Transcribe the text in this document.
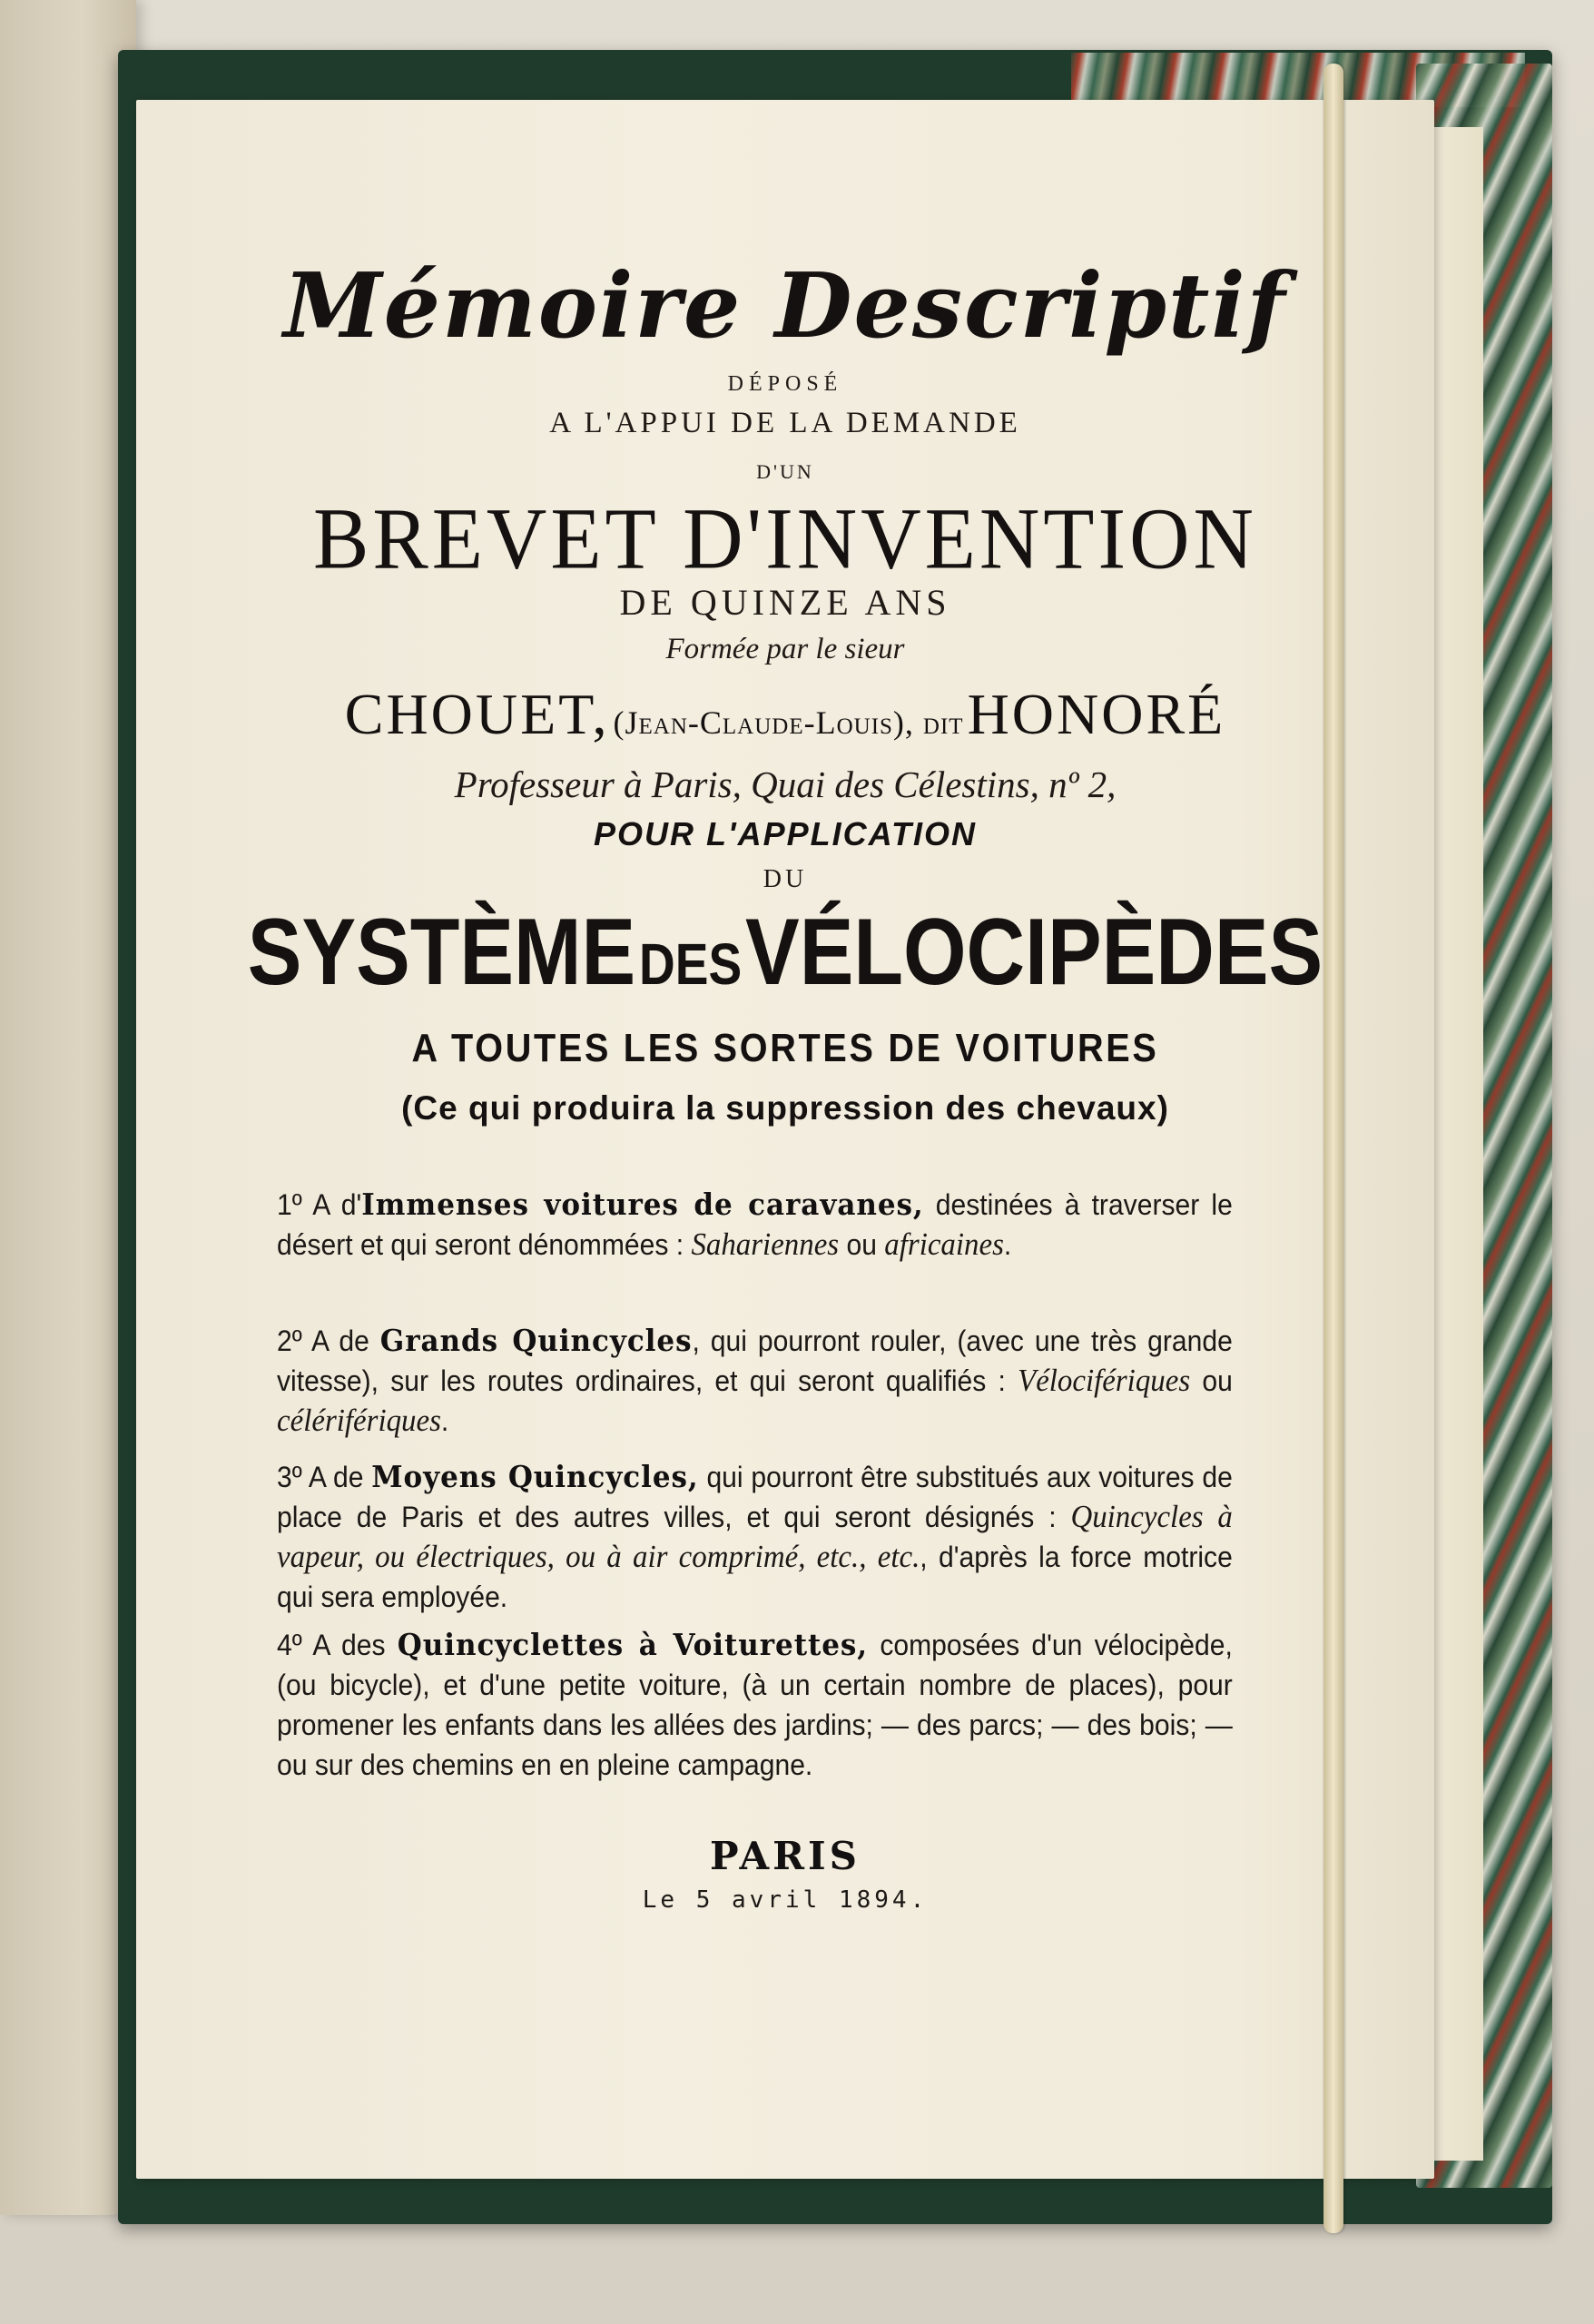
Mémoire Descriptif
DÉPOSÉ
A L'APPUI DE LA DEMANDE
D'UN
BREVET D'INVENTION
DE QUINZE ANS
Formée par le sieur
CHOUET, (Jean-Claude-Louis), dit HONORÉ
Professeur à Paris, Quai des Célestins, nº 2,
POUR L'APPLICATION
DU
SYSTÈME DES VÉLOCIPÈDES
A TOUTES LES SORTES DE VOITURES
(Ce qui produira la suppression des chevaux)
1º A d'Immenses voitures de caravanes, destinées à traverser le désert et qui seront dénommées : Sahariennes ou africaines.
2º A de Grands Quincycles, qui pourront rouler, (avec une très grande vitesse), sur les routes ordinaires, et qui seront qualifiés : Vélocifériques ou célérifériques.
3º A de Moyens Quincycles, qui pourront être substitués aux voitures de place de Paris et des autres villes, et qui seront désignés : Quincycles à vapeur, ou électriques, ou à air comprimé, etc., etc., d'après la force motrice qui sera employée.
4º A des Quincyclettes à Voiturettes, composées d'un vélocipède, (ou bicycle), et d'une petite voiture, (à un certain nombre de places), pour promener les enfants dans les allées des jardins; — des parcs; — des bois; — ou sur des chemins en en pleine campagne.
PARIS
Le 5 avril 1894.
